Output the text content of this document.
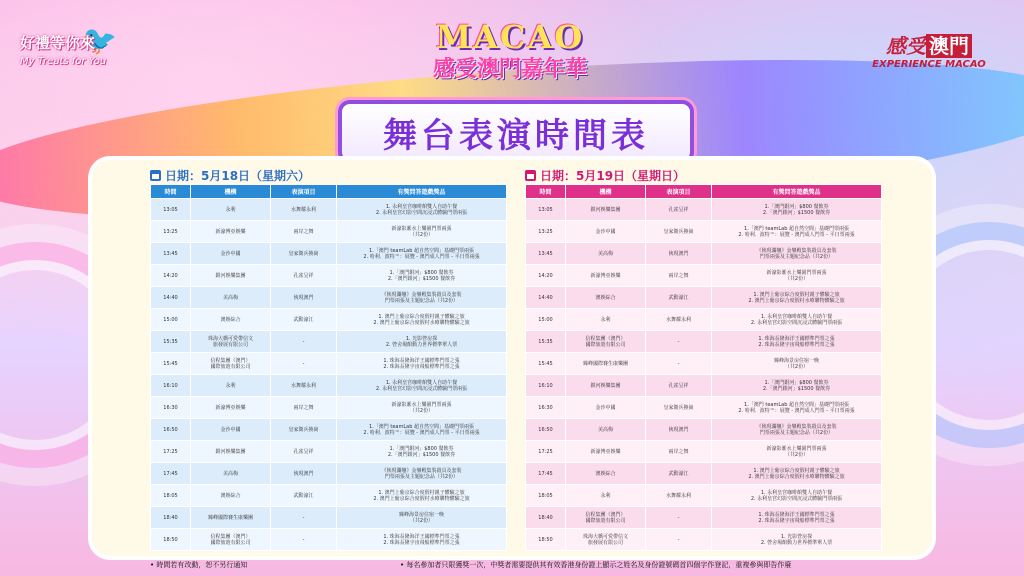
🐦
好禮等你來
My Treats for You
MACAO
感受澳門嘉年華
感受 澳門
EXPERIENCE MACAO
舞台表演時間表
日期：5月18日（星期六）
時間	機構	表演項目	有獎問答遊戲獎品
13:05	永利	水舞耀永利	1. 永利皇宮咖啡館雙人自助午餐
2. 永利皇宮幻影空間沉浸式體驗門票兩張
13:25	新濠博亞娛樂	兩岸之舞	新濠影滙水上樂園門票兩張
（共2份）
13:45	金沙中國	皇家衛兵換崗	1.「澳門 teamLab 超自然空間」基礎門票兩張
2. 哈利．波特™：展覽 - 澳門成人門票 - 平日票兩張
14:20	銀河娛樂集團	孔雀呈祥	1.「澳門銀河」$800 餐飲券
2.「澳門銀河」$1500 餐飲券
14:40	美高梅	俠現澳門	《俠現瀾翹》金鑾殿集裝殺具及套裝
門票兩張及主題紀念品（共2份）
15:00	澳娛綜合	武動濠江	1. 澳門上葡京綜合度假村親子體驗之旅
2. 澳門上葡京綜合度假村水療購物體驗之旅
15:35	珠海大橋可愛帶信文
旅發展有限公司	-	1. 光影營房探
2. 營舍場館動力世界標準單人票
15:45	信程集團（澳門）
國際旅遊有限公司	-	1. 珠海長隆海洋王國標準門票之張
2. 珠海長隆宇宙飛船標準門票之張
16:10	永利	水舞耀永利	1. 永利皇宮咖啡館雙人自助午餐
2. 永利皇宮幻影空間沉浸式體驗門票兩張
16:30	新濠博亞娛樂	兩岸之舞	新濠影滙水上樂園門票兩張
（共2份）
16:50	金沙中國	皇家衛兵換崗	1.「澳門 teamLab 超自然空間」基礎門票兩張
2. 哈利．波特™：展覽 - 澳門成人門票 - 平日票兩張
17:25	銀河娛樂集團	孔雀呈祥	1.「澳門銀河」$800 餐飲券
2.「澳門銀河」$1500 餐飲券
17:45	美高梅	俠現澳門	《俠現瀾翹》金鑾殿集裝殺具及套裝
門票兩張及主題紀念品（共2份）
18:05	澳娛綜合	武動濠江	1. 澳門上葡京綜合度假村親子體驗之旅
2. 澳門上葡京綜合度假村水療購物體驗之旅
18:40	臻峰國際賽生康樂團	-	臻峰海景房住宿一晚
（共2份）
18:50	信程集團（澳門）
國際旅遊有限公司	-	1. 珠海長隆海洋王國標準門票之張
2. 珠海長隆宇宙飛船標準門票之張
日期：5月19日（星期日）
時間	機構	表演項目	有獎問答遊戲獎品
13:05	銀河娛樂集團	孔雀呈祥	1.「澳門銀河」$800 餐飲券
2.「澳門銀河」$1500 餐飲券
13:25	金沙中國	皇家衛兵換崗	1.「澳門 teamLab 超自然空間」基礎門票兩張
2. 哈利．波特™：展覽 - 澳門成人門票 - 平日票兩張
13:45	美高梅	俠現澳門	《俠現瀾翹》金鑾殿集裝殺具及套裝
門票兩張及主題紀念品（共2份）
14:20	新濠博亞娛樂	兩岸之舞	新濠影滙水上樂園門票兩張
（共2份）
14:40	澳娛綜合	武動濠江	1. 澳門上葡京綜合度假村親子體驗之旅
2. 澳門上葡京綜合度假村水療購物體驗之旅
15:00	永利	水舞耀永利	1. 永利皇宮咖啡館雙人自助午餐
2. 永利皇宮幻影空間沉浸式體驗門票兩張
15:35	信程集團（澳門）
國際旅遊有限公司	-	1. 珠海長隆海洋王國標準門票之張
2. 珠海長隆宇宙飛船標準門票之張
15:45	臻峰國際賽生康樂團	-	臻峰海景房住宿一晚
（共2份）
16:10	銀河娛樂集團	孔雀呈祥	1.「澳門銀河」$800 餐飲券
2.「澳門銀河」$1500 餐飲券
16:30	金沙中國	皇家衛兵換崗	1.「澳門 teamLab 超自然空間」基礎門票兩張
2. 哈利．波特™：展覽 - 澳門成人門票 - 平日票兩張
16:50	美高梅	俠現澳門	《俠現瀾翹》金鑾殿集裝殺具及套裝
門票兩張及主題紀念品（共2份）
17:25	新濠博亞娛樂	兩岸之舞	新濠影滙水上樂園門票兩張
（共2份）
17:45	澳娛綜合	武動濠江	1. 澳門上葡京綜合度假村親子體驗之旅
2. 澳門上葡京綜合度假村水療購物體驗之旅
18:05	永利	水舞耀永利	1. 永利皇宮咖啡館雙人自助午餐
2. 永利皇宮幻影空間沉浸式體驗門票兩張
18:40	信程集團（澳門）
國際旅遊有限公司	-	1. 珠海長隆海洋王國標準門票之張
2. 珠海長隆宇宙飛船標準門票之張
18:50	珠海大橋可愛帶信文
旅發展有限公司	-	1. 光影營房探
2. 營舍場館動力世界標準單人票
• 時間若有改動，恕不另行通知	• 每名參加者只限獲獎一次，中獎者需要提供其有效香港身份證上顯示之姓名及身份證號碼首四個字作登記，重複參與即告作廢
